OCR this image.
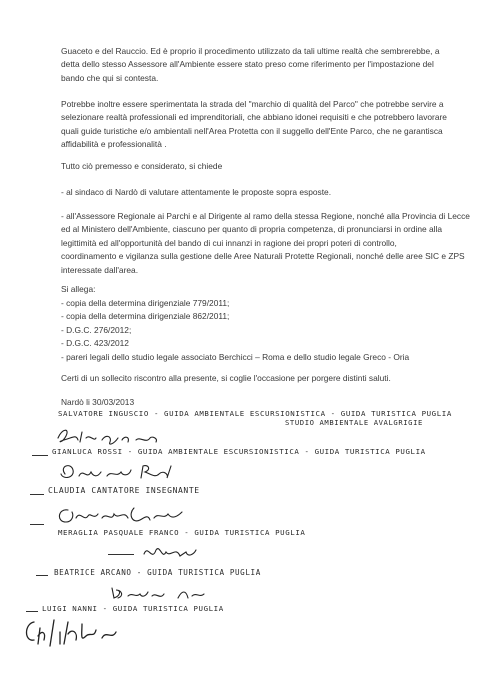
Guaceto e del Rauccio. Ed è proprio il procedimento utilizzato da tali ultime realtà che sembrerebbe, a
detta dello stesso Assessore all'Ambiente essere stato preso come riferimento per l'impostazione del
bando che qui si contesta.

Potrebbe inoltre essere sperimentata la strada del "marchio di qualità del Parco" che potrebbe servire a
selezionare realtà professionali ed imprenditoriali, che abbiano idonei requisiti e che potrebbero lavorare
quali guide turistiche e/o ambientali nell'Area Protetta con il suggello dell'Ente Parco, che ne garantisca
affidabilità e professionalità .

Tutto ciò premesso e considerato, si chiede

- al sindaco di Nardò di valutare attentamente le proposte sopra esposte.

- all'Assessore Regionale ai Parchi e al Dirigente al ramo della stessa Regione, nonché alla Provincia di Lecce
ed al Ministero dell'Ambiente, ciascuno per quanto di propria competenza, di pronunciarsi in ordine alla
legittimità ed all'opportunità del bando di cui innanzi in ragione dei propri poteri di controllo,
coordinamento e vigilanza sulla gestione delle Aree Naturali Protette Regionali, nonché delle aree SIC e ZPS
interessate dall'area.

Si allega:

- copia della determina dirigenziale 779/2011;
- copia della determina dirigenziale 862/2011;
- D.G.C. 276/2012;
- D.G.C. 423/2012
- pareri legali dello studio legale associato Berchicci – Roma e dello studio legale Greco - Oria

Certi di un sollecito riscontro alla presente, si coglie l'occasione per porgere distinti saluti.

Nardò li 30/03/2013

SALVATORE INGUSCIO - GUIDA AMBIENTALE ESCURSIONISTICA - GUIDA TURISTICA PUGLIA
STUDIO AMBIENTALE AVALGRIGIE
GIANLUCA ROSSI - GUIDA AMBIENTALE ESCURSIONISTICA - GUIDA TURISTICA PUGLIA
CLAUDIA CANTATORE INSEGNANTE
MERAGLIA PASQUALE FRANCO - GUIDA TURISTICA PUGLIA
BEATRICE ARCANO - GUIDA TURISTICA PUGLIA
LUIGI NANNI - GUIDA TURISTICA PUGLIA
